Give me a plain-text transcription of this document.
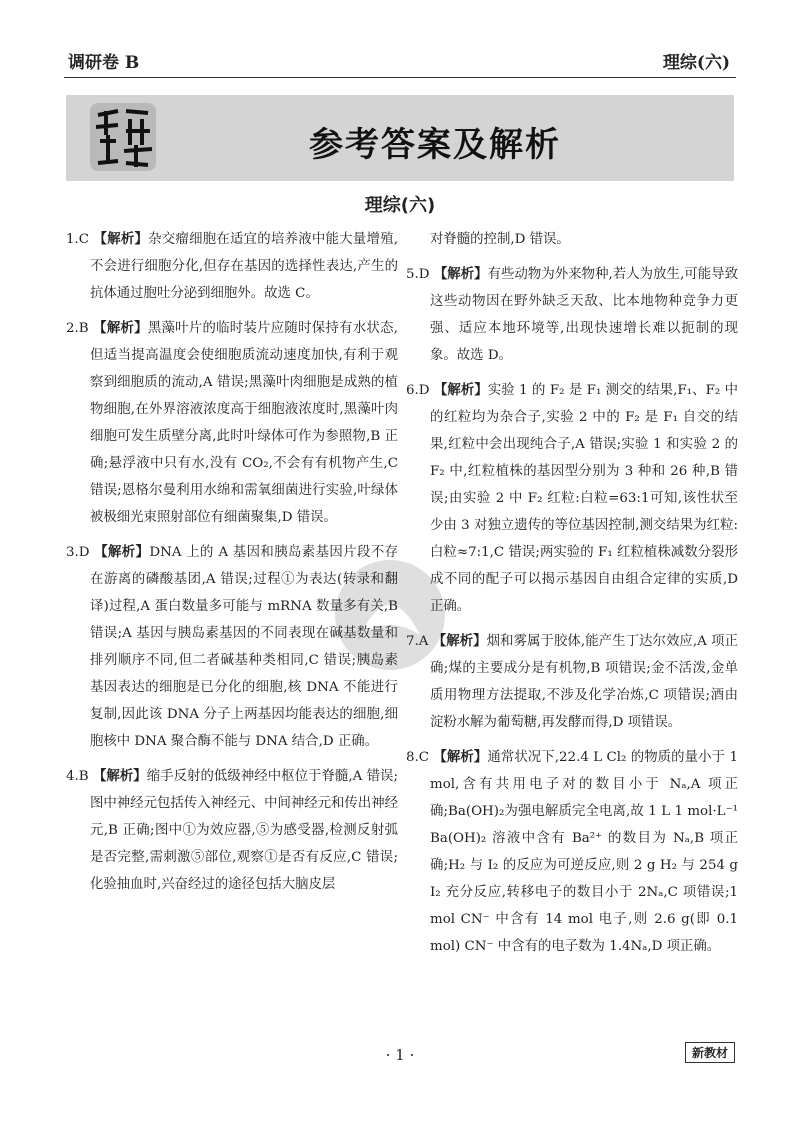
调研卷 B	理综(六)
参考答案及解析
理综(六)

1.C 【解析】杂交瘤细胞在适宜的培养液中能大量增殖,不会进行细胞分化,但存在基因的选择性表达,产生的抗体通过胞吐分泌到细胞外。故选 C。

2.B 【解析】黑藻叶片的临时装片应随时保持有水状态,但适当提高温度会使细胞质流动速度加快,有利于观察到细胞质的流动,A 错误;黑藻叶肉细胞是成熟的植物细胞,在外界溶液浓度高于细胞液浓度时,黑藻叶肉细胞可发生质壁分离,此时叶绿体可作为参照物,B 正确;悬浮液中只有水,没有 CO₂,不会有有机物产生,C 错误;恩格尔曼利用水绵和需氧细菌进行实验,叶绿体被极细光束照射部位有细菌聚集,D 错误。

3.D 【解析】DNA 上的 A 基因和胰岛素基因片段不存在游离的磷酸基团,A 错误;过程①为表达(转录和翻译)过程,A 蛋白数量多可能与 mRNA 数量多有关,B 错误;A 基因与胰岛素基因的不同表现在碱基数量和排列顺序不同,但二者碱基种类相同,C 错误;胰岛素基因表达的细胞是已分化的细胞,核 DNA 不能进行复制,因此该 DNA 分子上两基因均能表达的细胞,细胞核中 DNA 聚合酶不能与 DNA 结合,D 正确。

4.B 【解析】缩手反射的低级神经中枢位于脊髓,A 错误;图中神经元包括传入神经元、中间神经元和传出神经元,B 正确;图中①为效应器,⑤为感受器,检测反射弧是否完整,需刺激⑤部位,观察①是否有反应,C 错误;化验抽血时,兴奋经过的途径包括大脑皮层

对脊髓的控制,D 错误。

5.D 【解析】有些动物为外来物种,若人为放生,可能导致这些动物因在野外缺乏天敌、比本地物种竞争力更强、适应本地环境等,出现快速增长难以扼制的现象。故选 D。

6.D 【解析】实验 1 的 F₂ 是 F₁ 测交的结果,F₁、F₂ 中的红粒均为杂合子,实验 2 中的 F₂ 是 F₁ 自交的结果,红粒中会出现纯合子,A 错误;实验 1 和实验 2 的 F₂ 中,红粒植株的基因型分别为 3 种和 26 种,B 错误;由实验 2 中 F₂ 红粒:白粒=63:1可知,该性状至少由 3 对独立遗传的等位基因控制,测交结果为红粒:白粒≈7:1,C 错误;两实验的 F₁ 红粒植株减数分裂形成不同的配子可以揭示基因自由组合定律的实质,D 正确。

7.A 【解析】烟和雾属于胶体,能产生丁达尔效应,A 项正确;煤的主要成分是有机物,B 项错误;金不活泼,金单质用物理方法提取,不涉及化学冶炼,C 项错误;酒由淀粉水解为葡萄糖,再发酵而得,D 项错误。

8.C 【解析】通常状况下,22.4 L Cl₂ 的物质的量小于 1 mol,含有共用电子对的数目小于 Nₐ,A 项正确;Ba(OH)₂为强电解质完全电离,故 1 L 1 mol·L⁻¹ Ba(OH)₂ 溶液中含有 Ba²⁺ 的数目为 Nₐ,B 项正确;H₂ 与 I₂ 的反应为可逆反应,则 2 g H₂ 与 254 g I₂ 充分反应,转移电子的数目小于 2Nₐ,C 项错误;1 mol CN⁻ 中含有 14 mol 电子,则 2.6 g(即 0.1 mol) CN⁻ 中含有的电子数为 1.4Nₐ,D 项正确。

· 1 ·	新教材
